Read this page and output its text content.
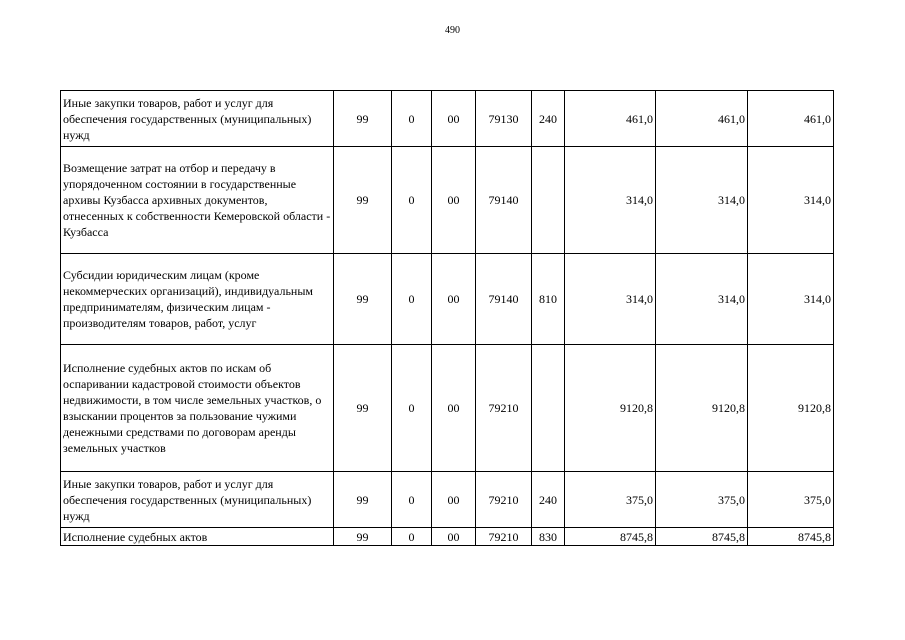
490
Иные закупки товаров, работ и услуг для обеспечения государственных (муниципальных) нужд	99	0	00	79130	240	461,0	461,0	461,0
Возмещение затрат на отбор и передачу в упорядоченном состоянии в государственные архивы Кузбасса архивных документов, отнесенных к собственности Кемеровской области - Кузбасса	99	0	00	79140		314,0	314,0	314,0
Субсидии юридическим лицам (кроме некоммерческих организаций), индивидуальным предпринимателям, физическим лицам - производителям товаров, работ, услуг	99	0	00	79140	810	314,0	314,0	314,0
Исполнение судебных актов по искам об оспаривании кадастровой стоимости объектов недвижимости, в том числе земельных участков, о взыскании процентов за пользование чужими денежными средствами по договорам аренды земельных участков	99	0	00	79210		9120,8	9120,8	9120,8
Иные закупки товаров, работ и услуг для обеспечения государственных (муниципальных) нужд	99	0	00	79210	240	375,0	375,0	375,0
Исполнение судебных актов	99	0	00	79210	830	8745,8	8745,8	8745,8
